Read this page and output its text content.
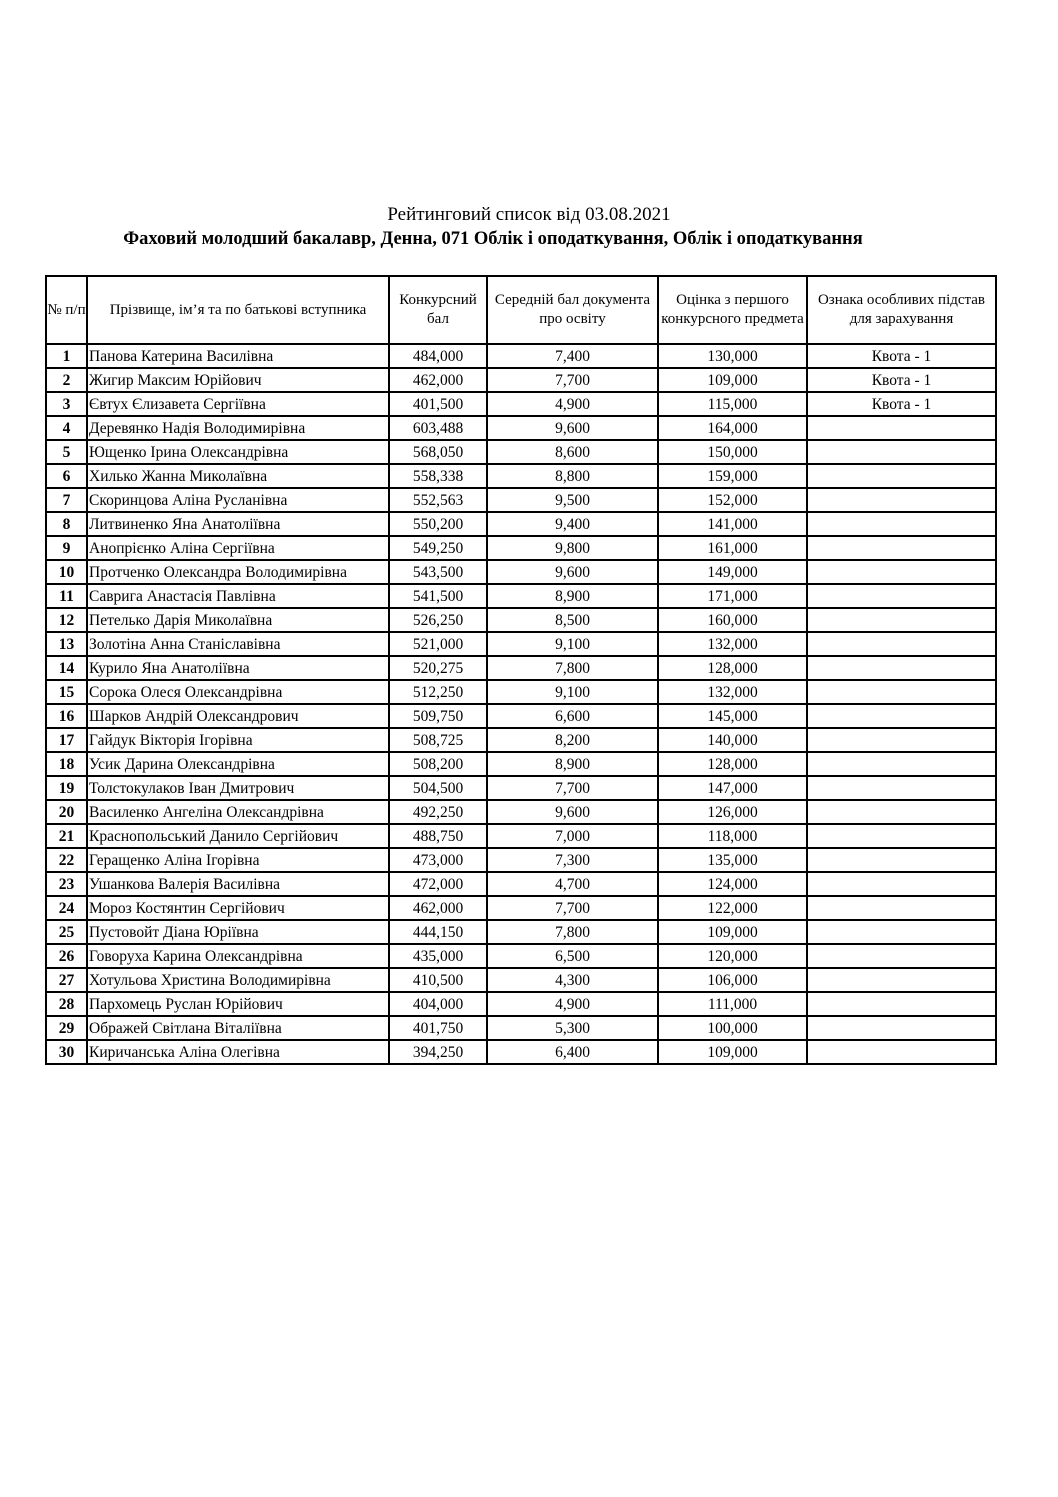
Рейтинговий список від 03.08.2021
Фаховий молодший бакалавр, Денна, 071 Облік і оподаткування, Облік і оподаткування
№ п/п	Прізвище, ім’я та по батькові вступника	Конкурсний бал	Середній бал документа про освіту	Оцінка з першого конкурсного предмета	Ознака особливих підстав для зарахування
1	Панова Катерина Василівна	484,000	7,400	130,000	Квота - 1
2	Жигир Максим Юрійович	462,000	7,700	109,000	Квота - 1
3	Євтух Єлизавета Сергіївна	401,500	4,900	115,000	Квота - 1
4	Деревянко Надія Володимирівна	603,488	9,600	164,000	
5	Ющенко Ірина Олександрівна	568,050	8,600	150,000	
6	Хилько Жанна Миколаївна	558,338	8,800	159,000	
7	Скоринцова Аліна Русланівна	552,563	9,500	152,000	
8	Литвиненко Яна Анатоліївна	550,200	9,400	141,000	
9	Анопрієнко Аліна Сергіївна	549,250	9,800	161,000	
10	Протченко Олександра Володимирівна	543,500	9,600	149,000	
11	Саврига Анастасія Павлівна	541,500	8,900	171,000	
12	Петелько Дарія Миколаївна	526,250	8,500	160,000	
13	Золотіна Анна Станіславівна	521,000	9,100	132,000	
14	Курило Яна Анатоліївна	520,275	7,800	128,000	
15	Сорока Олеся Олександрівна	512,250	9,100	132,000	
16	Шарков Андрій Олександрович	509,750	6,600	145,000	
17	Гайдук Вікторія Ігорівна	508,725	8,200	140,000	
18	Усик Дарина Олександрівна	508,200	8,900	128,000	
19	Толстокулаков Іван Дмитрович	504,500	7,700	147,000	
20	Василенко Ангеліна Олександрівна	492,250	9,600	126,000	
21	Краснопольський Данило Сергійович	488,750	7,000	118,000	
22	Геращенко Аліна Ігорівна	473,000	7,300	135,000	
23	Ушанкова Валерія Василівна	472,000	4,700	124,000	
24	Мороз Костянтин Сергійович	462,000	7,700	122,000	
25	Пустовойт Діана Юріївна	444,150	7,800	109,000	
26	Говоруха Карина Олександрівна	435,000	6,500	120,000	
27	Хотульова Христина Володимирівна	410,500	4,300	106,000	
28	Пархомець Руслан Юрійович	404,000	4,900	111,000	
29	Ображей Світлана Віталіївна	401,750	5,300	100,000	
30	Киричанська Аліна Олегівна	394,250	6,400	109,000	
